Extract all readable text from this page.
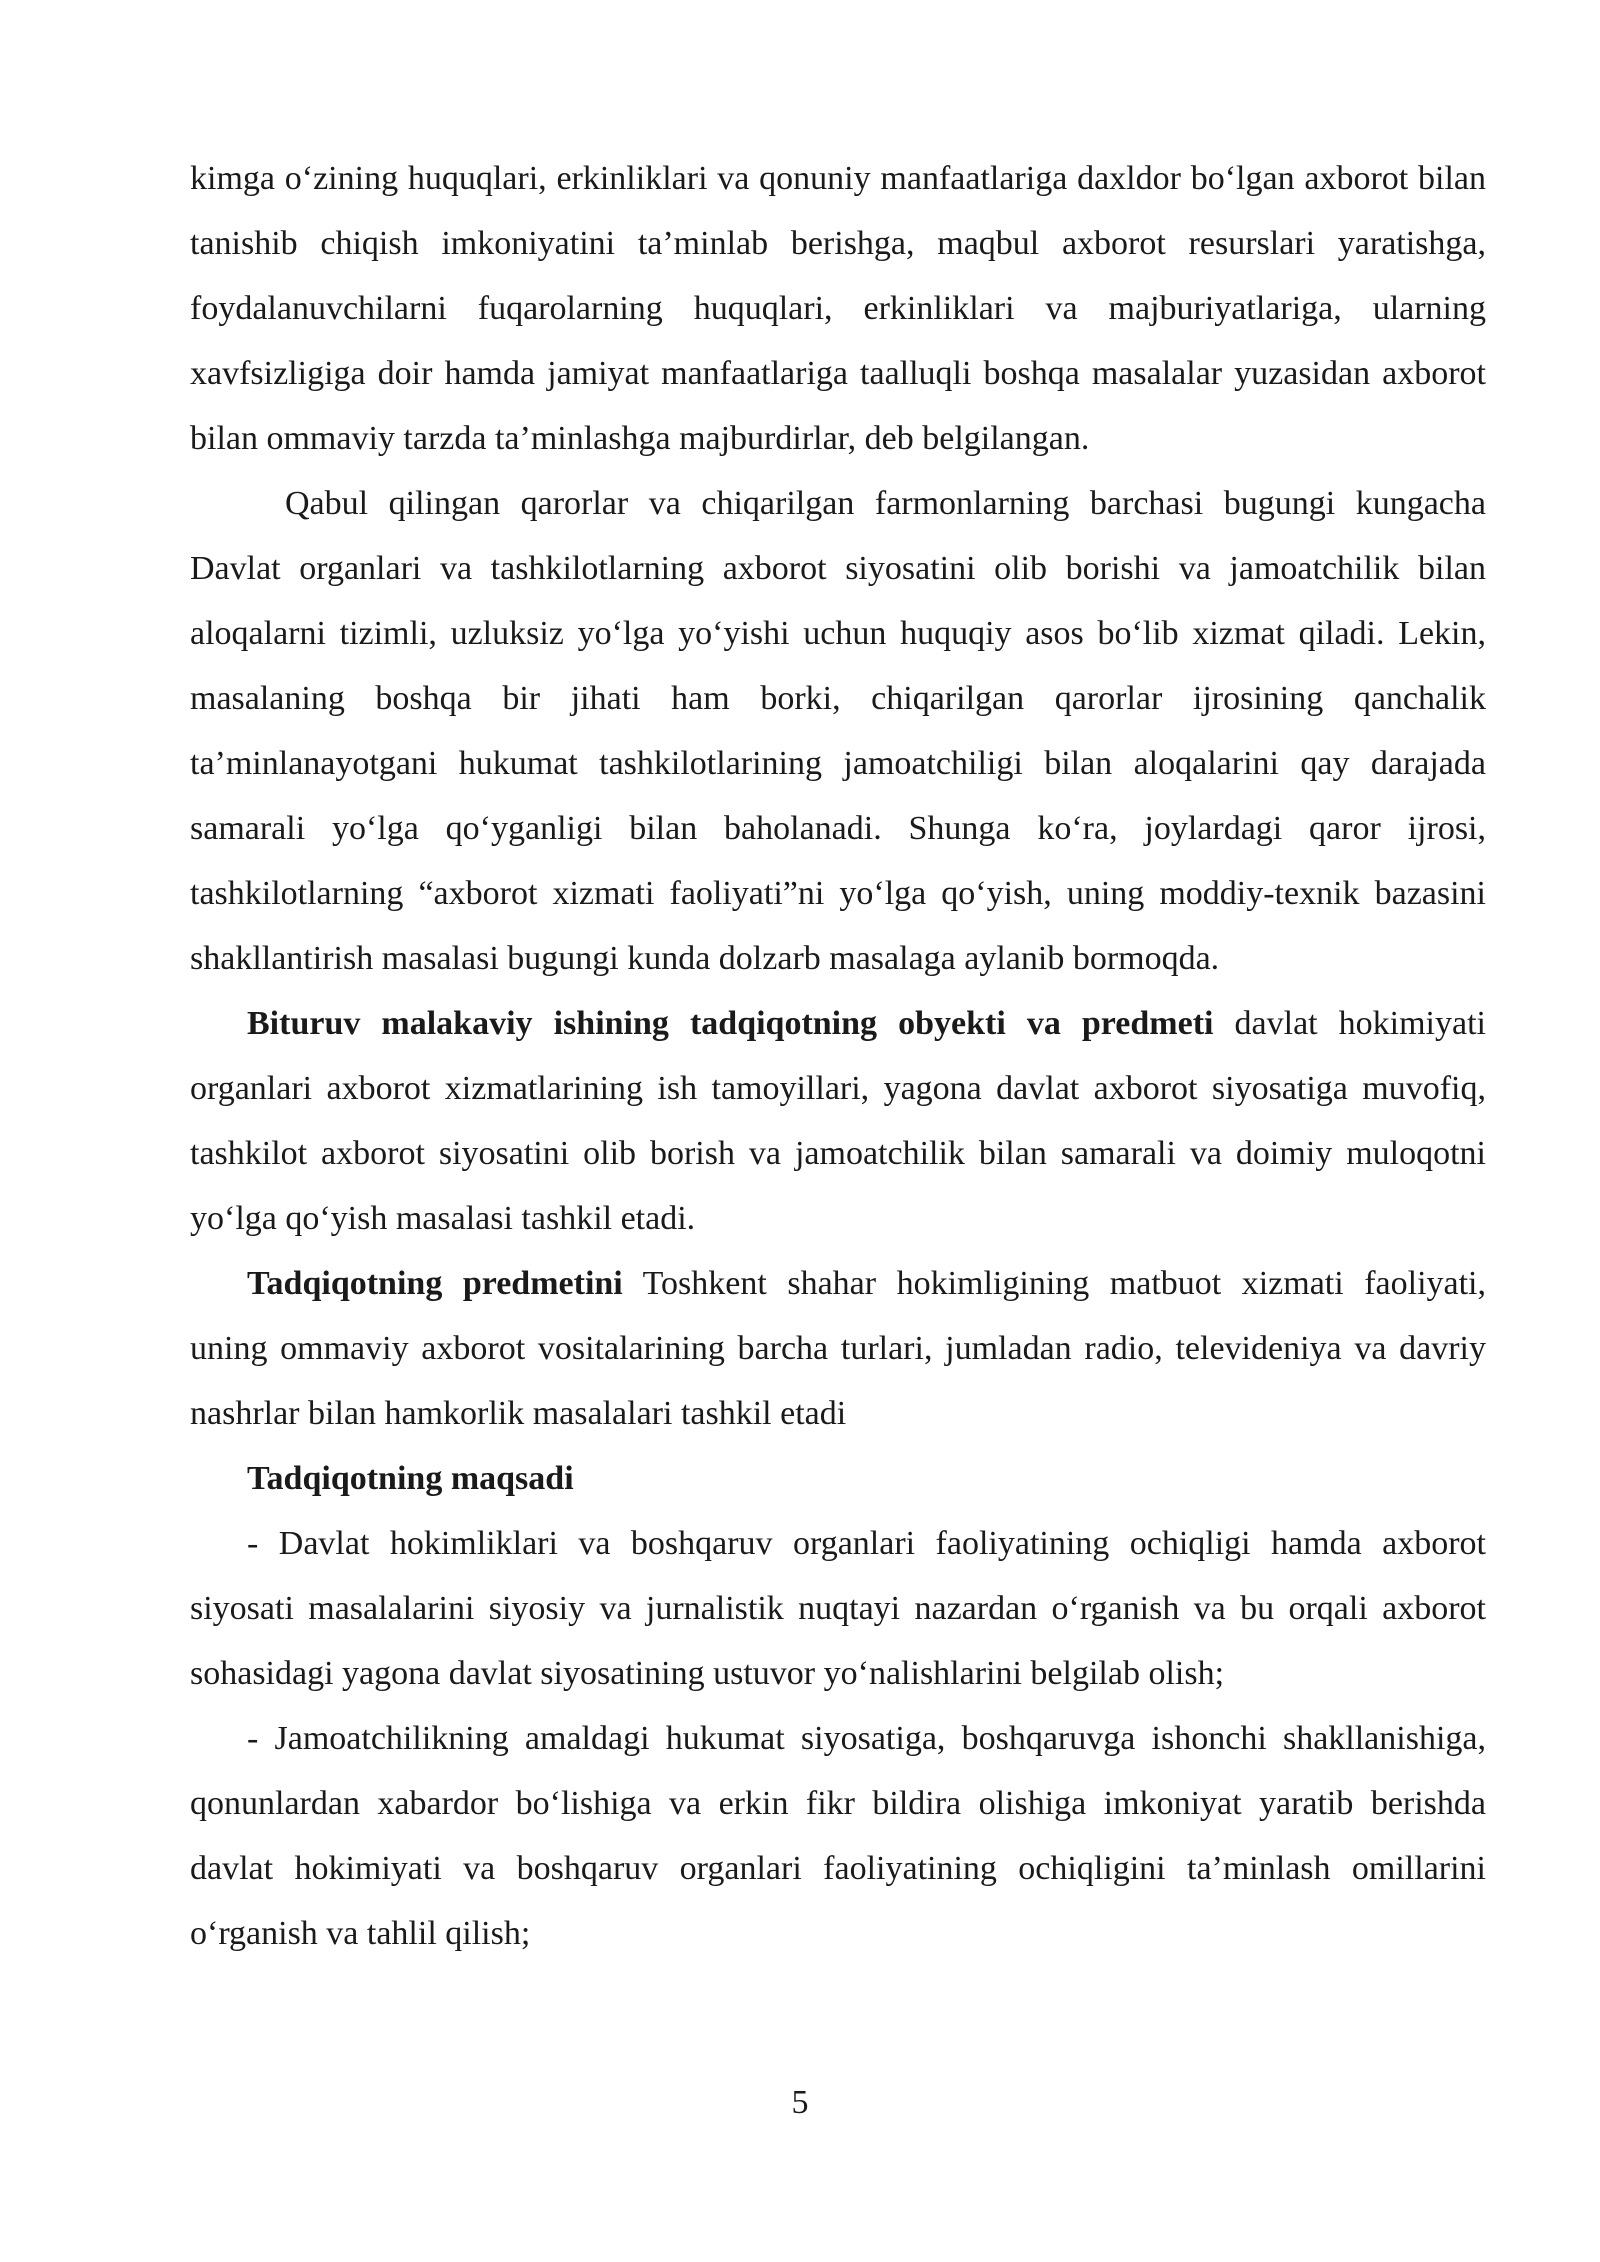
kimga o‘zining huquqlari, erkinliklari va qonuniy manfaatlariga daxldor bo‘lgan axborot bilan tanishib chiqish imkoniyatini ta’minlab berishga, maqbul axborot resurslari yaratishga, foydalanuvchilarni fuqarolarning huquqlari, erkinliklari va majburiyatlariga, ularning xavfsizligiga doir hamda jamiyat manfaatlariga taalluqli boshqa masalalar yuzasidan axborot bilan ommaviy tarzda ta’minlashga majburdirlar, deb belgilangan.

Qabul qilingan qarorlar va chiqarilgan farmonlarning barchasi bugungi kungacha Davlat organlari va tashkilotlarning axborot siyosatini olib borishi va jamoatchilik bilan aloqalarni tizimli, uzluksiz yo‘lga yo‘yishi uchun huquqiy asos bo‘lib xizmat qiladi. Lekin, masalaning boshqa bir jihati ham borki, chiqarilgan qarorlar ijrosining qanchalik ta’minlanayotgani hukumat tashkilotlarining jamoatchiligi bilan aloqalarini qay darajada samarali yo‘lga qo‘yganligi bilan baholanadi. Shunga ko‘ra, joylardagi qaror ijrosi, tashkilotlarning “axborot xizmati faoliyati”ni yo‘lga qo‘yish, uning moddiy-texnik bazasini shakllantirish masalasi bugungi kunda dolzarb masalaga aylanib bormoqda.

Bituruv malakaviy ishining tadqiqotning obyekti va predmeti davlat hokimiyati organlari axborot xizmatlarining ish tamoyillari, yagona davlat axborot siyosatiga muvofiq, tashkilot axborot siyosatini olib borish va jamoatchilik bilan samarali va doimiy muloqotni yo‘lga qo‘yish masalasi tashkil etadi.

Tadqiqotning predmetini Toshkent shahar hokimligining matbuot xizmati faoliyati, uning ommaviy axborot vositalarining barcha turlari, jumladan radio, televideniya va davriy nashrlar bilan hamkorlik masalalari tashkil etadi

Tadqiqotning maqsadi

- Davlat hokimliklari va boshqaruv organlari faoliyatining ochiqligi hamda axborot siyosati masalalarini siyosiy va jurnalistik nuqtayi nazardan o‘rganish va bu orqali axborot sohasidagi yagona davlat siyosatining ustuvor yo‘nalishlarini belgilab olish;

- Jamoatchilikning amaldagi hukumat siyosatiga, boshqaruvga ishonchi shakllanishiga, qonunlardan xabardor bo‘lishiga va erkin fikr bildira olishiga imkoniyat yaratib berishda davlat hokimiyati va boshqaruv organlari faoliyatining ochiqligini ta’minlash omillarini o‘rganish va tahlil qilish;

5
